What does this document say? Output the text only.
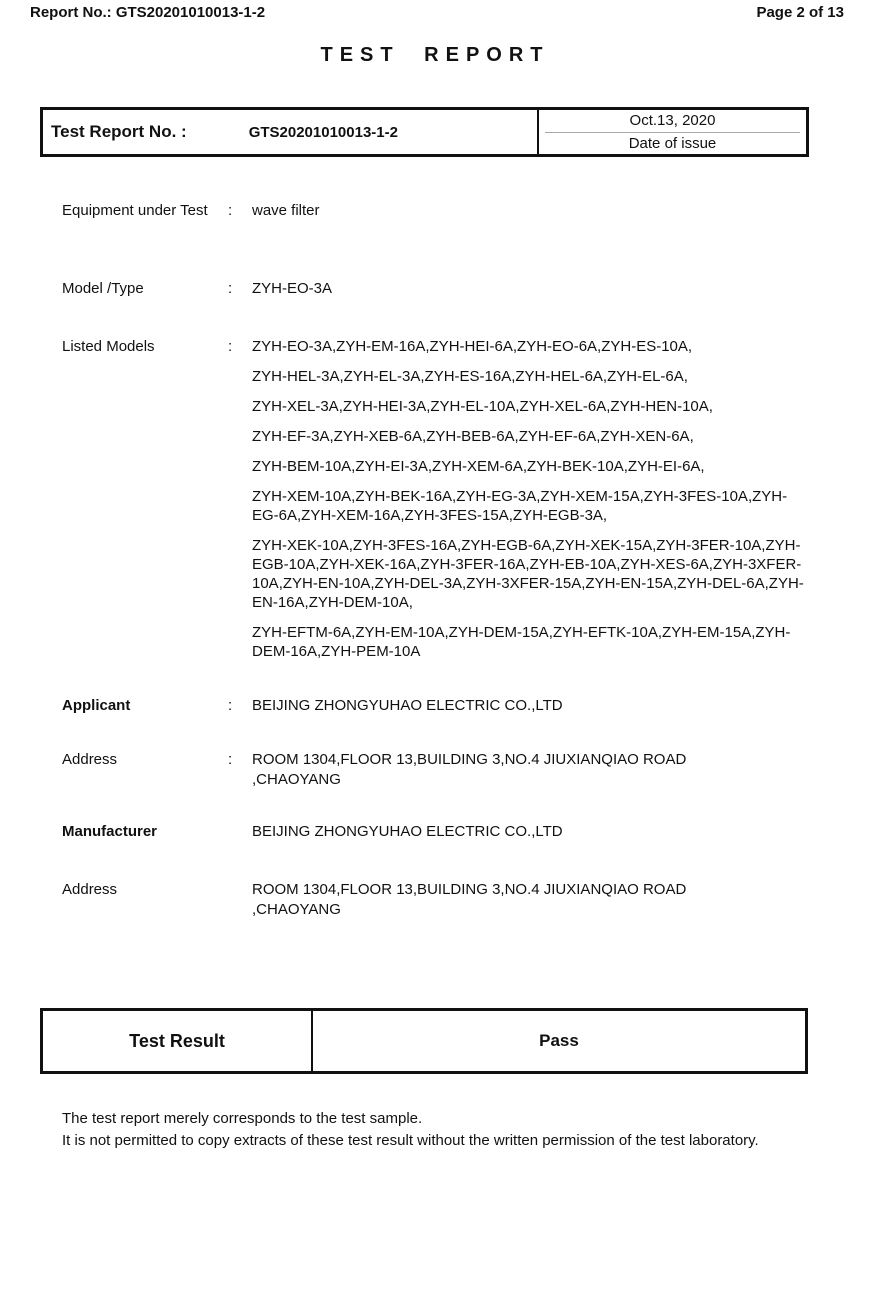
Report No.: GTS20201010013-1-2	Page 2 of 13
TEST REPORT
Test Report No. :	GTS20201010013-1-2
Oct.13, 2020
Date of issue
Equipment under Test	:	wave filter
Model /Type	:	ZYH-EO-3A
Listed Models	:	ZYH-EO-3A,ZYH-EM-16A,ZYH-HEI-6A,ZYH-EO-6A,ZYH-ES-10A,

ZYH-HEL-3A,ZYH-EL-3A,ZYH-ES-16A,ZYH-HEL-6A,ZYH-EL-6A,

ZYH-XEL-3A,ZYH-HEI-3A,ZYH-EL-10A,ZYH-XEL-6A,ZYH-HEN-10A,

ZYH-EF-3A,ZYH-XEB-6A,ZYH-BEB-6A,ZYH-EF-6A,ZYH-XEN-6A,

ZYH-BEM-10A,ZYH-EI-3A,ZYH-XEM-6A,ZYH-BEK-10A,ZYH-EI-6A,

ZYH-XEM-10A,ZYH-BEK-16A,ZYH-EG-3A,ZYH-XEM-15A,ZYH-3FES-10A,ZYH-EG-6A,ZYH-XEM-16A,ZYH-3FES-15A,ZYH-EGB-3A,

ZYH-XEK-10A,ZYH-3FES-16A,ZYH-EGB-6A,ZYH-XEK-15A,ZYH-3FER-10A,ZYH-EGB-10A,ZYH-XEK-16A,ZYH-3FER-16A,ZYH-EB-10A,ZYH-XES-6A,ZYH-3XFER-10A,ZYH-EN-10A,ZYH-DEL-3A,ZYH-3XFER-15A,ZYH-EN-15A,ZYH-DEL-6A,ZYH-EN-16A,ZYH-DEM-10A,

ZYH-EFTM-6A,ZYH-EM-10A,ZYH-DEM-15A,ZYH-EFTK-10A,ZYH-EM-15A,ZYH-DEM-16A,ZYH-PEM-10A

Applicant	:	BEIJING ZHONGYUHAO ELECTRIC CO.,LTD
Address	:	ROOM 1304,FLOOR 13,BUILDING 3,NO.4 JIUXIANQIAO ROAD ,CHAOYANG
Manufacturer	BEIJING ZHONGYUHAO ELECTRIC CO.,LTD
Address	ROOM 1304,FLOOR 13,BUILDING 3,NO.4 JIUXIANQIAO ROAD ,CHAOYANG
Test Result	Pass

The test report merely corresponds to the test sample.

It is not permitted to copy extracts of these test result without the written permission of the test laboratory.
